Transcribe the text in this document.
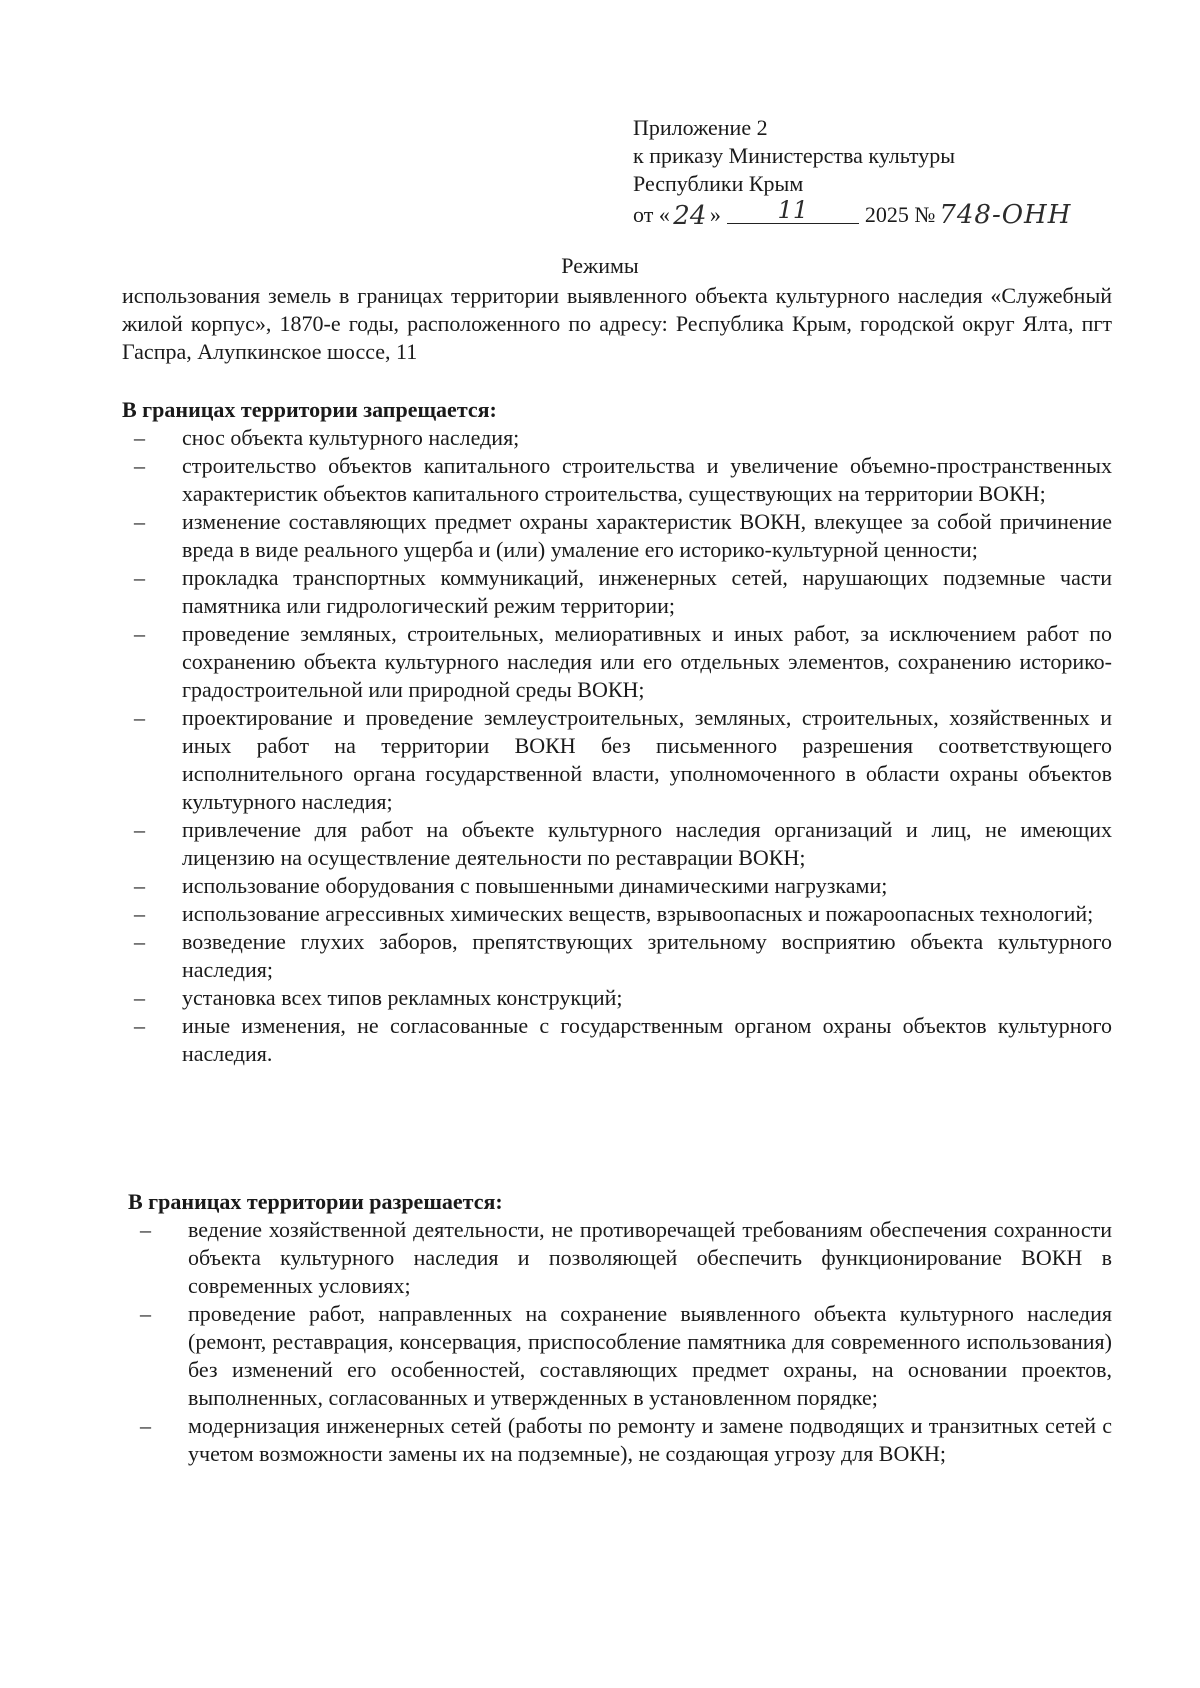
Приложение 2
к приказу Министерства культуры
Республики Крым
от « 24 »	11	2025 № 748-ОНН
Режимы
использования земель в границах территории выявленного объекта культурного наследия «Служебный жилой корпус», 1870-е годы, расположенного по адресу: Республика Крым, городской округ Ялта, пгт Гаспра, Алупкинское шоссе, 11
В границах территории запрещается:
– снос объекта культурного наследия;
– строительство объектов капитального строительства и увеличение объемно-пространственных характеристик объектов капитального строительства, существующих на территории ВОКН;
– изменение составляющих предмет охраны характеристик ВОКН, влекущее за собой причинение вреда в виде реального ущерба и (или) умаление его историко-культурной ценности;
– прокладка транспортных коммуникаций, инженерных сетей, нарушающих подземные части памятника или гидрологический режим территории;
– проведение земляных, строительных, мелиоративных и иных работ, за исключением работ по сохранению объекта культурного наследия или его отдельных элементов, сохранению историко-градостроительной или природной среды ВОКН;
– проектирование и проведение землеустроительных, земляных, строительных, хозяйственных и иных работ на территории ВОКН без письменного разрешения соответствующего исполнительного органа государственной власти, уполномоченного в области охраны объектов культурного наследия;
– привлечение для работ на объекте культурного наследия организаций и лиц, не имеющих лицензию на осуществление деятельности по реставрации ВОКН;
– использование оборудования с повышенными динамическими нагрузками;
– использование агрессивных химических веществ, взрывоопасных и пожароопасных технологий;
– возведение глухих заборов, препятствующих зрительному восприятию объекта культурного наследия;
– установка всех типов рекламных конструкций;
– иные изменения, не согласованные с государственным органом охраны объектов культурного наследия.
В границах территории разрешается:
– ведение хозяйственной деятельности, не противоречащей требованиям обеспечения сохранности объекта культурного наследия и позволяющей обеспечить функционирование ВОКН в современных условиях;
– проведение работ, направленных на сохранение выявленного объекта культурного наследия (ремонт, реставрация, консервация, приспособление памятника для современного использования) без изменений его особенностей, составляющих предмет охраны, на основании проектов, выполненных, согласованных и утвержденных в установленном порядке;
– модернизация инженерных сетей (работы по ремонту и замене подводящих и транзитных сетей с учетом возможности замены их на подземные), не создающая угрозу для ВОКН;
